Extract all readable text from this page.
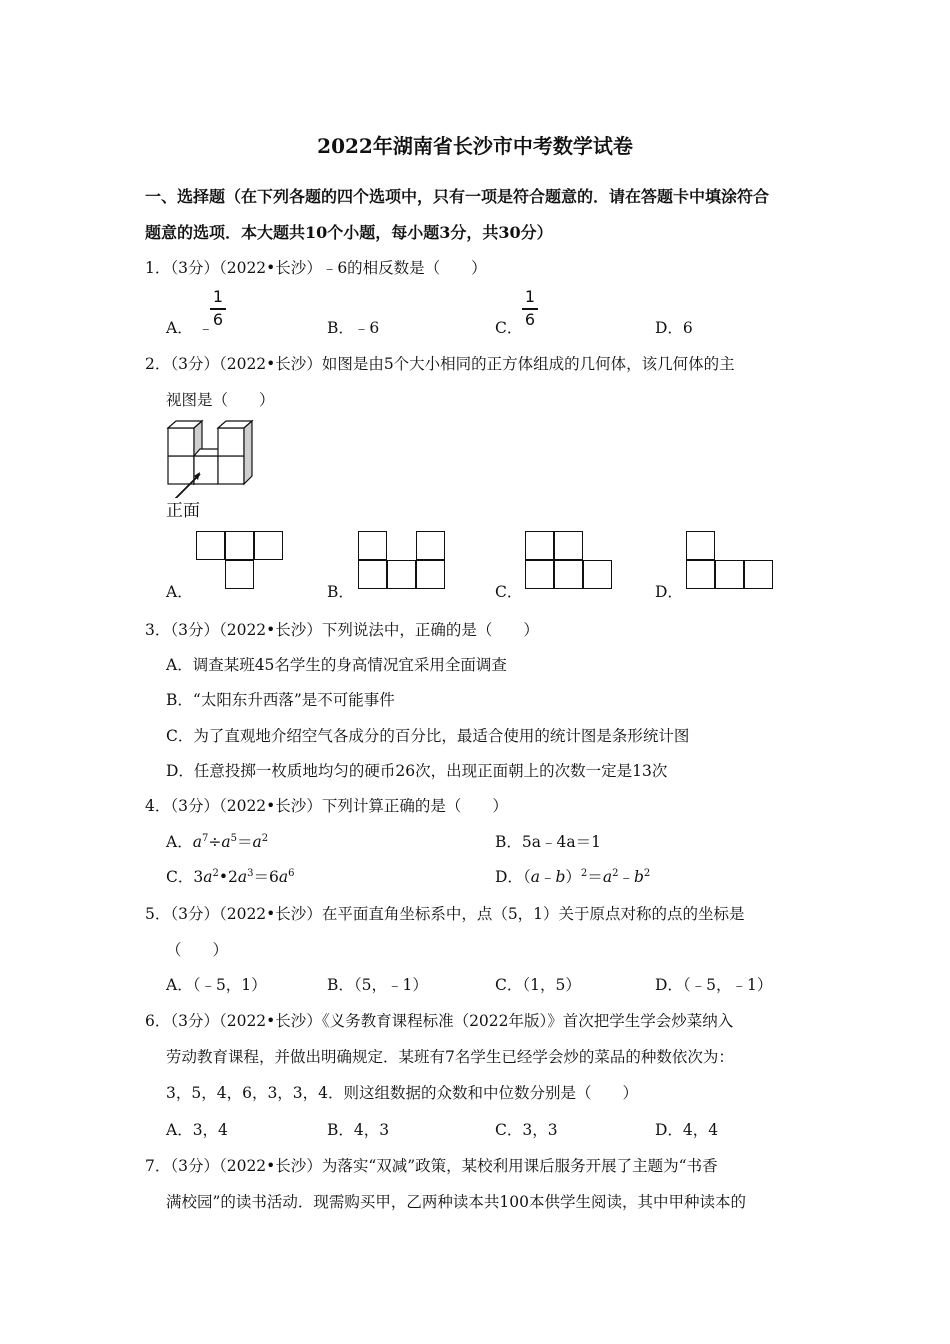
2022年湖南省长沙市中考数学试卷
一、选择题（在下列各题的四个选项中，只有一项是符合题意的．请在答题卡中填涂符合
题意的选项．本大题共10个小题，每小题3分，共30分）
1．（3分）（2022•长沙）﹣6的相反数是（　　）
A． ﹣
1
6	B．﹣6	C．
1
6	D．6
2．（3分）（2022•长沙）如图是由5个大小相同的正方体组成的几何体，该几何体的主
视图是（　　）
正面
A．	B．	C．	D．
3．（3分）（2022•长沙）下列说法中，正确的是（　　）
A．调查某班45名学生的身高情况宜采用全面调查
B．“太阳东升西落”是不可能事件
C．为了直观地介绍空气各成分的百分比，最适合使用的统计图是条形统计图
D．任意投掷一枚质地均匀的硬币26次，出现正面朝上的次数一定是13次
4．（3分）（2022•长沙）下列计算正确的是（　　）
A．$a^7\div a^5=a^2$	B．5a﹣4a＝1
C．$3a^2•2a^3=6a^6$	D．$(a﹣b)^2=a^2﹣b^2$
5．（3分）（2022•长沙）在平面直角坐标系中，点（5，1）关于原点对称的点的坐标是
（　　）
A．（﹣5，1）	B．（5，﹣1）	C．（1，5）	D．（﹣5，﹣1）
6．（3分）（2022•长沙）《义务教育课程标准（2022年版）》首次把学生学会炒菜纳入
劳动教育课程，并做出明确规定．某班有7名学生已经学会炒的菜品的种数依次为：
3，5，4，6，3，3，4．则这组数据的众数和中位数分别是（　　）
A．3，4	B．4，3	C．3，3	D．4，4
7．（3分）（2022•长沙）为落实“双减”政策，某校利用课后服务开展了主题为“书香
满校园”的读书活动．现需购买甲，乙两种读本共100本供学生阅读，其中甲种读本的
